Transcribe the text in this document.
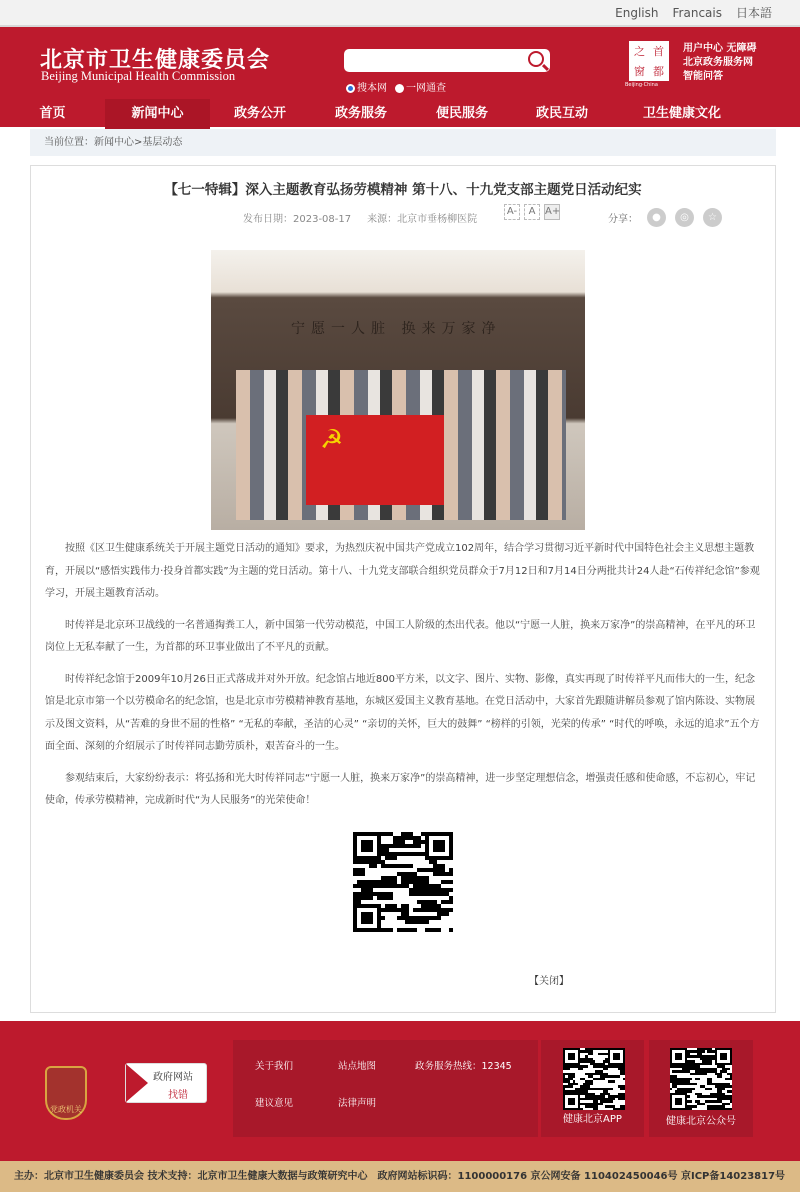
English Francais 日本語
北京市卫生健康委员会
Beijing Municipal Health Commission
搜本网	一网通查
之 首
窗 都
Beijing·China
用户中心 无障碍
北京政务服务网
智能问答
首页	新闻中心	政务公开	政务服务	便民服务	政民互动	卫生健康文化
当前位置：新闻中心>基层动态
【七一特辑】深入主题教育弘扬劳模精神 第十八、十九党支部主题党日活动纪实
发布日期：2023-08-17 来源：北京市垂杨柳医院
A-	A A+
分享：	●	◎	☆
宁愿一人脏 换来万家净
☭

按照《区卫生健康系统关于开展主题党日活动的通知》要求，为热烈庆祝中国共产党成立102周年，结合学习贯彻习近平新时代中国特色社会主义思想主题教育，开展以“感悟实践伟力·投身首都实践”为主题的党日活动。第十八、十九党支部联合组织党员群众于7月12日和7月14日分两批共计24人赴“石传祥纪念馆”参观学习，开展主题教育活动。

时传祥是北京环卫战线的一名普通掏粪工人，新中国第一代劳动模范，中国工人阶级的杰出代表。他以“宁愿一人脏，换来万家净”的崇高精神，在平凡的环卫岗位上无私奉献了一生，为首都的环卫事业做出了不平凡的贡献。

时传祥纪念馆于2009年10月26日正式落成并对外开放。纪念馆占地近800平方米，以文字、图片、实物、影像，真实再现了时传祥平凡而伟大的一生，纪念馆是北京市第一个以劳模命名的纪念馆，也是北京市劳模精神教育基地，东城区爱国主义教育基地。在党日活动中，大家首先跟随讲解员参观了馆内陈设、实物展示及图文资料，从“苦难的身世不屈的性格” “无私的奉献，圣洁的心灵” “亲切的关怀，巨大的鼓舞” “榜样的引领，光荣的传承” “时代的呼唤，永远的追求”五个方面全面、深刻的介绍展示了时传祥同志勤劳质朴，艰苦奋斗的一生。

参观结束后，大家纷纷表示：将弘扬和光大时传祥同志“宁愿一人脏，换来万家净”的崇高精神，进一步坚定理想信念，增强责任感和使命感，不忘初心，牢记使命，传承劳模精神，完成新时代“为人民服务”的光荣使命！

【关闭】
党政机关
政府网站
找错
关于我们	站点地图	政务服务热线：12345
建议意见	法律声明
健康北京APP	健康北京公众号
主办：北京市卫生健康委员会 技术支持：北京市卫生健康大数据与政策研究中心　政府网站标识码：1100000176 京公网安备 110402450046号 京ICP备14023817号
